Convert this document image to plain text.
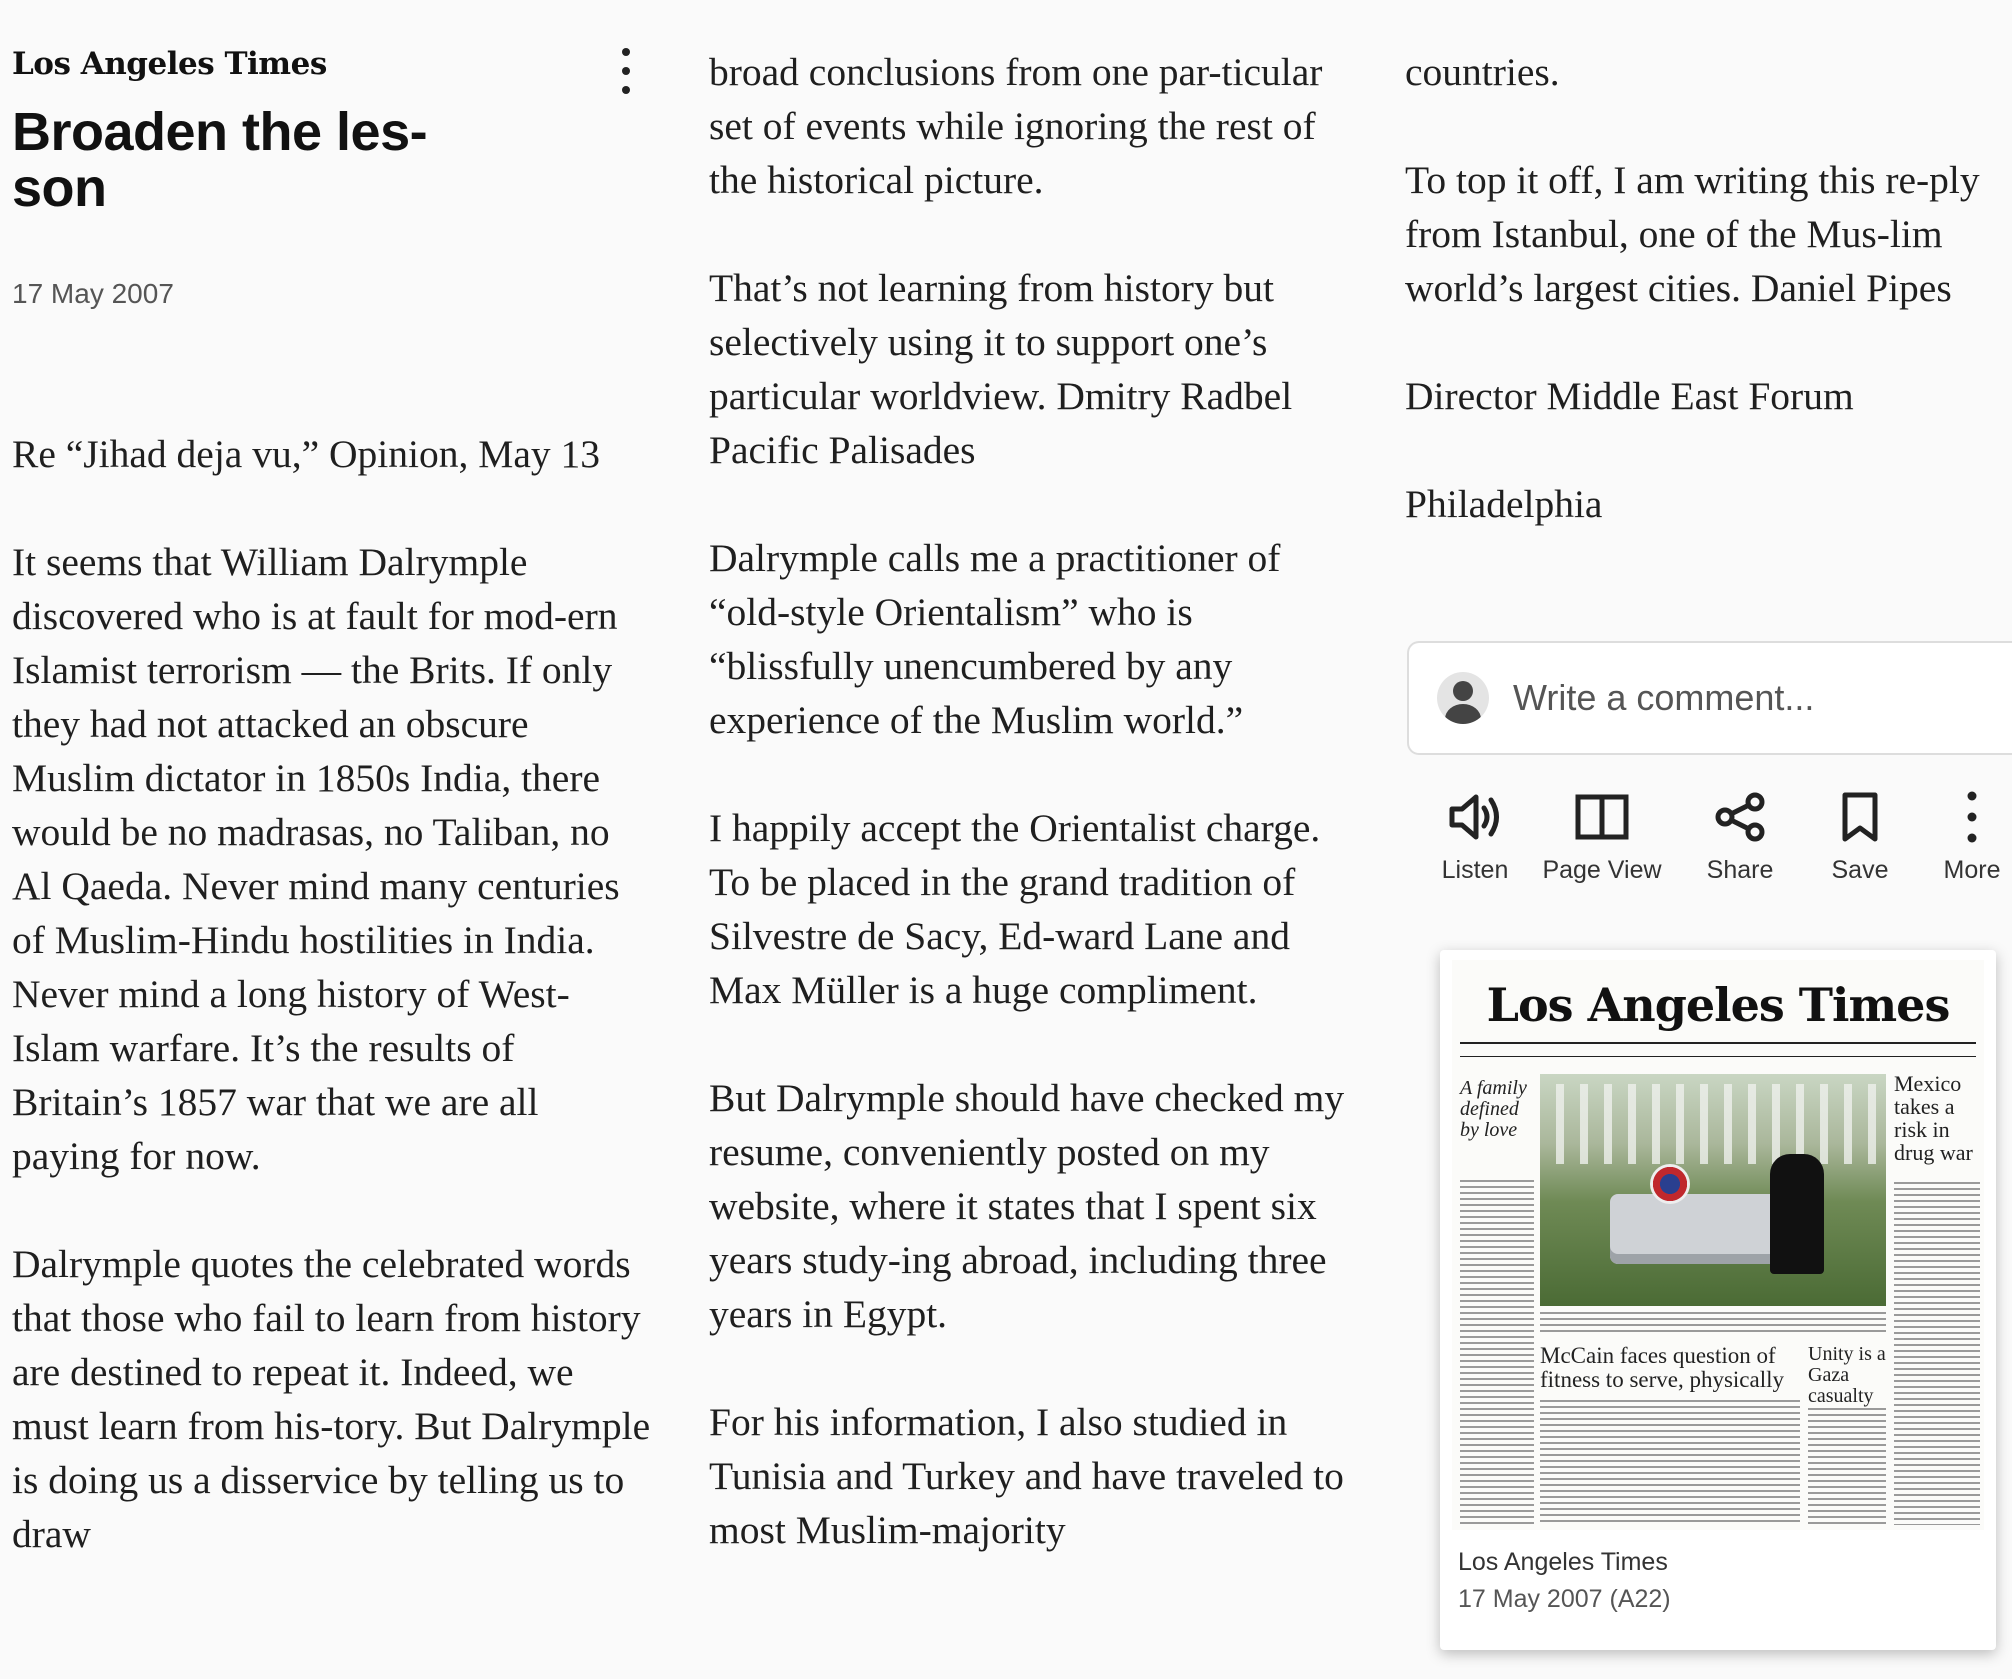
Los Angeles Times
Broaden the les-son
17 May 2007

Re “Jihad deja vu,” Opinion, May 13

It seems that William Dalrymple discovered who is at fault for mod-ern Islamist terrorism — the Brits. If only they had not attacked an obscure Muslim dictator in 1850s India, there would be no madrasas, no Taliban, no Al Qaeda. Never mind many centuries of Muslim-Hindu hostilities in India. Never mind a long history of West-Islam warfare. It’s the results of Britain’s 1857 war that we are all paying for now.

Dalrymple quotes the celebrated words that those who fail to learn from history are destined to repeat it. Indeed, we must learn from his-tory. But Dalrymple is doing us a disservice by telling us to draw

broad conclusions from one par-ticular set of events while ignoring the rest of the historical picture.

That’s not learning from history but selectively using it to support one’s particular worldview. Dmitry Radbel Pacific Palisades

Dalrymple calls me a practitioner of “old-style Orientalism” who is “blissfully unencumbered by any experience of the Muslim world.”

I happily accept the Orientalist charge. To be placed in the grand tradition of Silvestre de Sacy, Ed-ward Lane and Max Müller is a huge compliment.

But Dalrymple should have checked my resume, conveniently posted on my website, where it states that I spent six years study-ing abroad, including three years in Egypt.

For his information, I also studied in Tunisia and Turkey and have traveled to most Muslim-majority

countries.

To top it off, I am writing this re-ply from Istanbul, one of the Mus-lim world’s largest cities. Daniel Pipes

Director Middle East Forum

Philadelphia

Write a comment...
Listen	Page View	Share	Save	More
Los Angeles Times
A family defined by love
McCain faces question of fitness to serve, physically
Unity is a Gaza casualty
Mexico takes a risk in drug war
Los Angeles Times
17 May 2007 (A22)
